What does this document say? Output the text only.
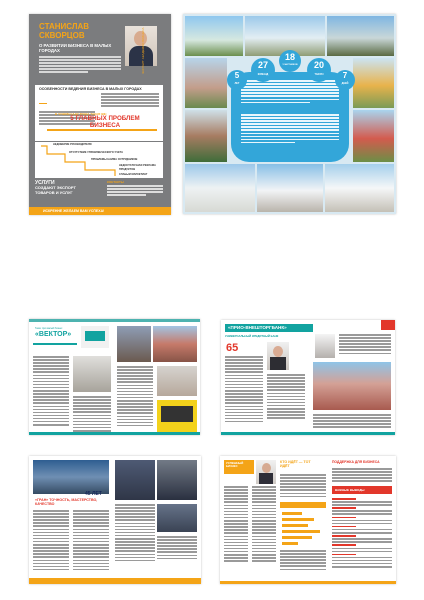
СТАНИСЛАВ СКВОРЦОВ	ЭКСПЕРТ АКАДЕМИИ БИЗНЕСА
О РАЗВИТИИ БИЗНЕСА В МАЛЫХ ГОРОДАХ
ОСОБЕННОСТИ ВЕДЕНИЯ БИЗНЕСА В МАЛЫХ ГОРОДАХ
В ЧУЖОМ САДУ ТРАВА ТАКАЯ ЖЕ:
5 ГЛАВНЫХ ПРОБЛЕМ БИЗНЕСА
НЕДОВЕРИЕ РУКОВОДИТЕЛЯ
ОТСУТСТВИЕ УПРАВЛЕНЧЕСКОГО УЧЁТА
ПРОБЛЕМЫ НАЙМА СОТРУДНИКОВ
НЕДОСТАТОЧНАЯ РЕКЛАМА ПРОДУКТОВ
СЛАБЫЙ МАРКЕТИНГ
УСЛУГИ
СОЗДАЮТ ЭКСПОРТ ТОВАРОВ И УСЛУГ
КОНТАКТЫ
ИСКРЕННЕ ЖЕЛАЕМ ВАМ УСПЕХА!
5
ЛЕТ
27
КОМАНД
18
УЧАСТНИКОВ	20
ТЫСЯЧ	7
ДНЕЙ
Тема: про малый бизнес
«ВЕКТОР»
«ПРИО-ВНЕШТОРГБАНК»
УНИВЕРСАЛЬНЫЙ КРЕДИТНЫЙ БАНК
65
«ГРАН» ТОЧНОСТЬ, МАСТЕРСТВО, КАЧЕСТВО
45 ЛЕТ
УСПЕШНЫЙ БИЗНЕС
КТО ИДЁТ — ТОТ ИДЁТ
ПОДДЕРЖКА ДЛЯ БИЗНЕСА
ВАЖНЫЕ ВЫВОДЫ
